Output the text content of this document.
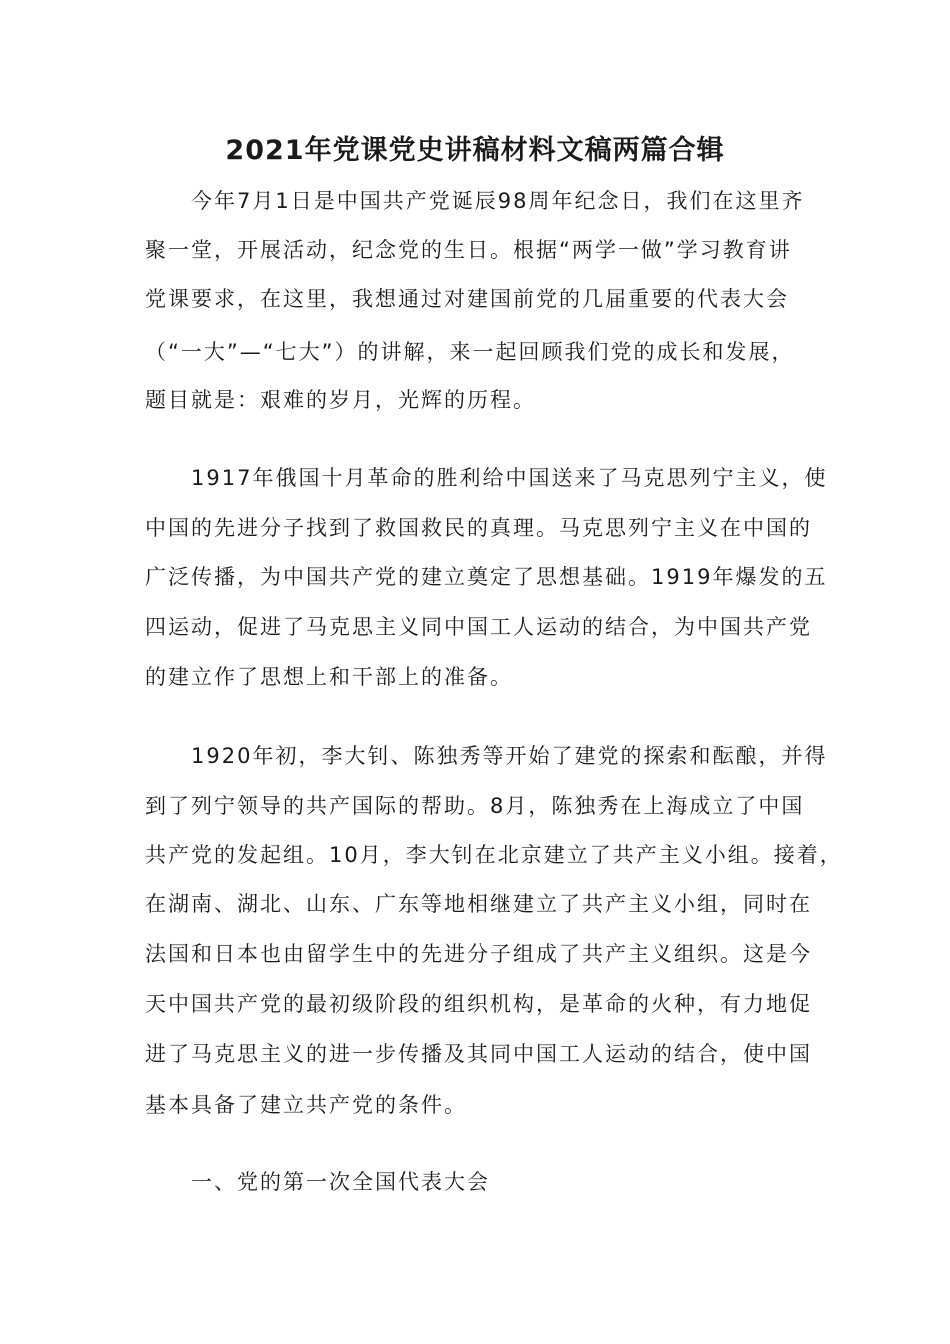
2021年党课党史讲稿材料文稿两篇合辑
　　今年7月1日是中国共产党诞辰98周年纪念日，我们在这里齐
聚一堂，开展活动，纪念党的生日。根据“两学一做”学习教育讲
党课要求，在这里，我想通过对建国前党的几届重要的代表大会
（“一大”—“七大”）的讲解，来一起回顾我们党的成长和发展，
题目就是：艰难的岁月，光辉的历程。
　　1917年俄国十月革命的胜利给中国送来了马克思列宁主义，使
中国的先进分子找到了救国救民的真理。马克思列宁主义在中国的
广泛传播，为中国共产党的建立奠定了思想基础。1919年爆发的五
四运动，促进了马克思主义同中国工人运动的结合，为中国共产党
的建立作了思想上和干部上的准备。
　　1920年初，李大钊、陈独秀等开始了建党的探索和酝酿，并得
到了列宁领导的共产国际的帮助。8月，陈独秀在上海成立了中国
共产党的发起组。10月，李大钊在北京建立了共产主义小组。接着，
在湖南、湖北、山东、广东等地相继建立了共产主义小组，同时在
法国和日本也由留学生中的先进分子组成了共产主义组织。这是今
天中国共产党的最初级阶段的组织机构，是革命的火种，有力地促
进了马克思主义的进一步传播及其同中国工人运动的结合，使中国
基本具备了建立共产党的条件。
　　一、党的第一次全国代表大会
